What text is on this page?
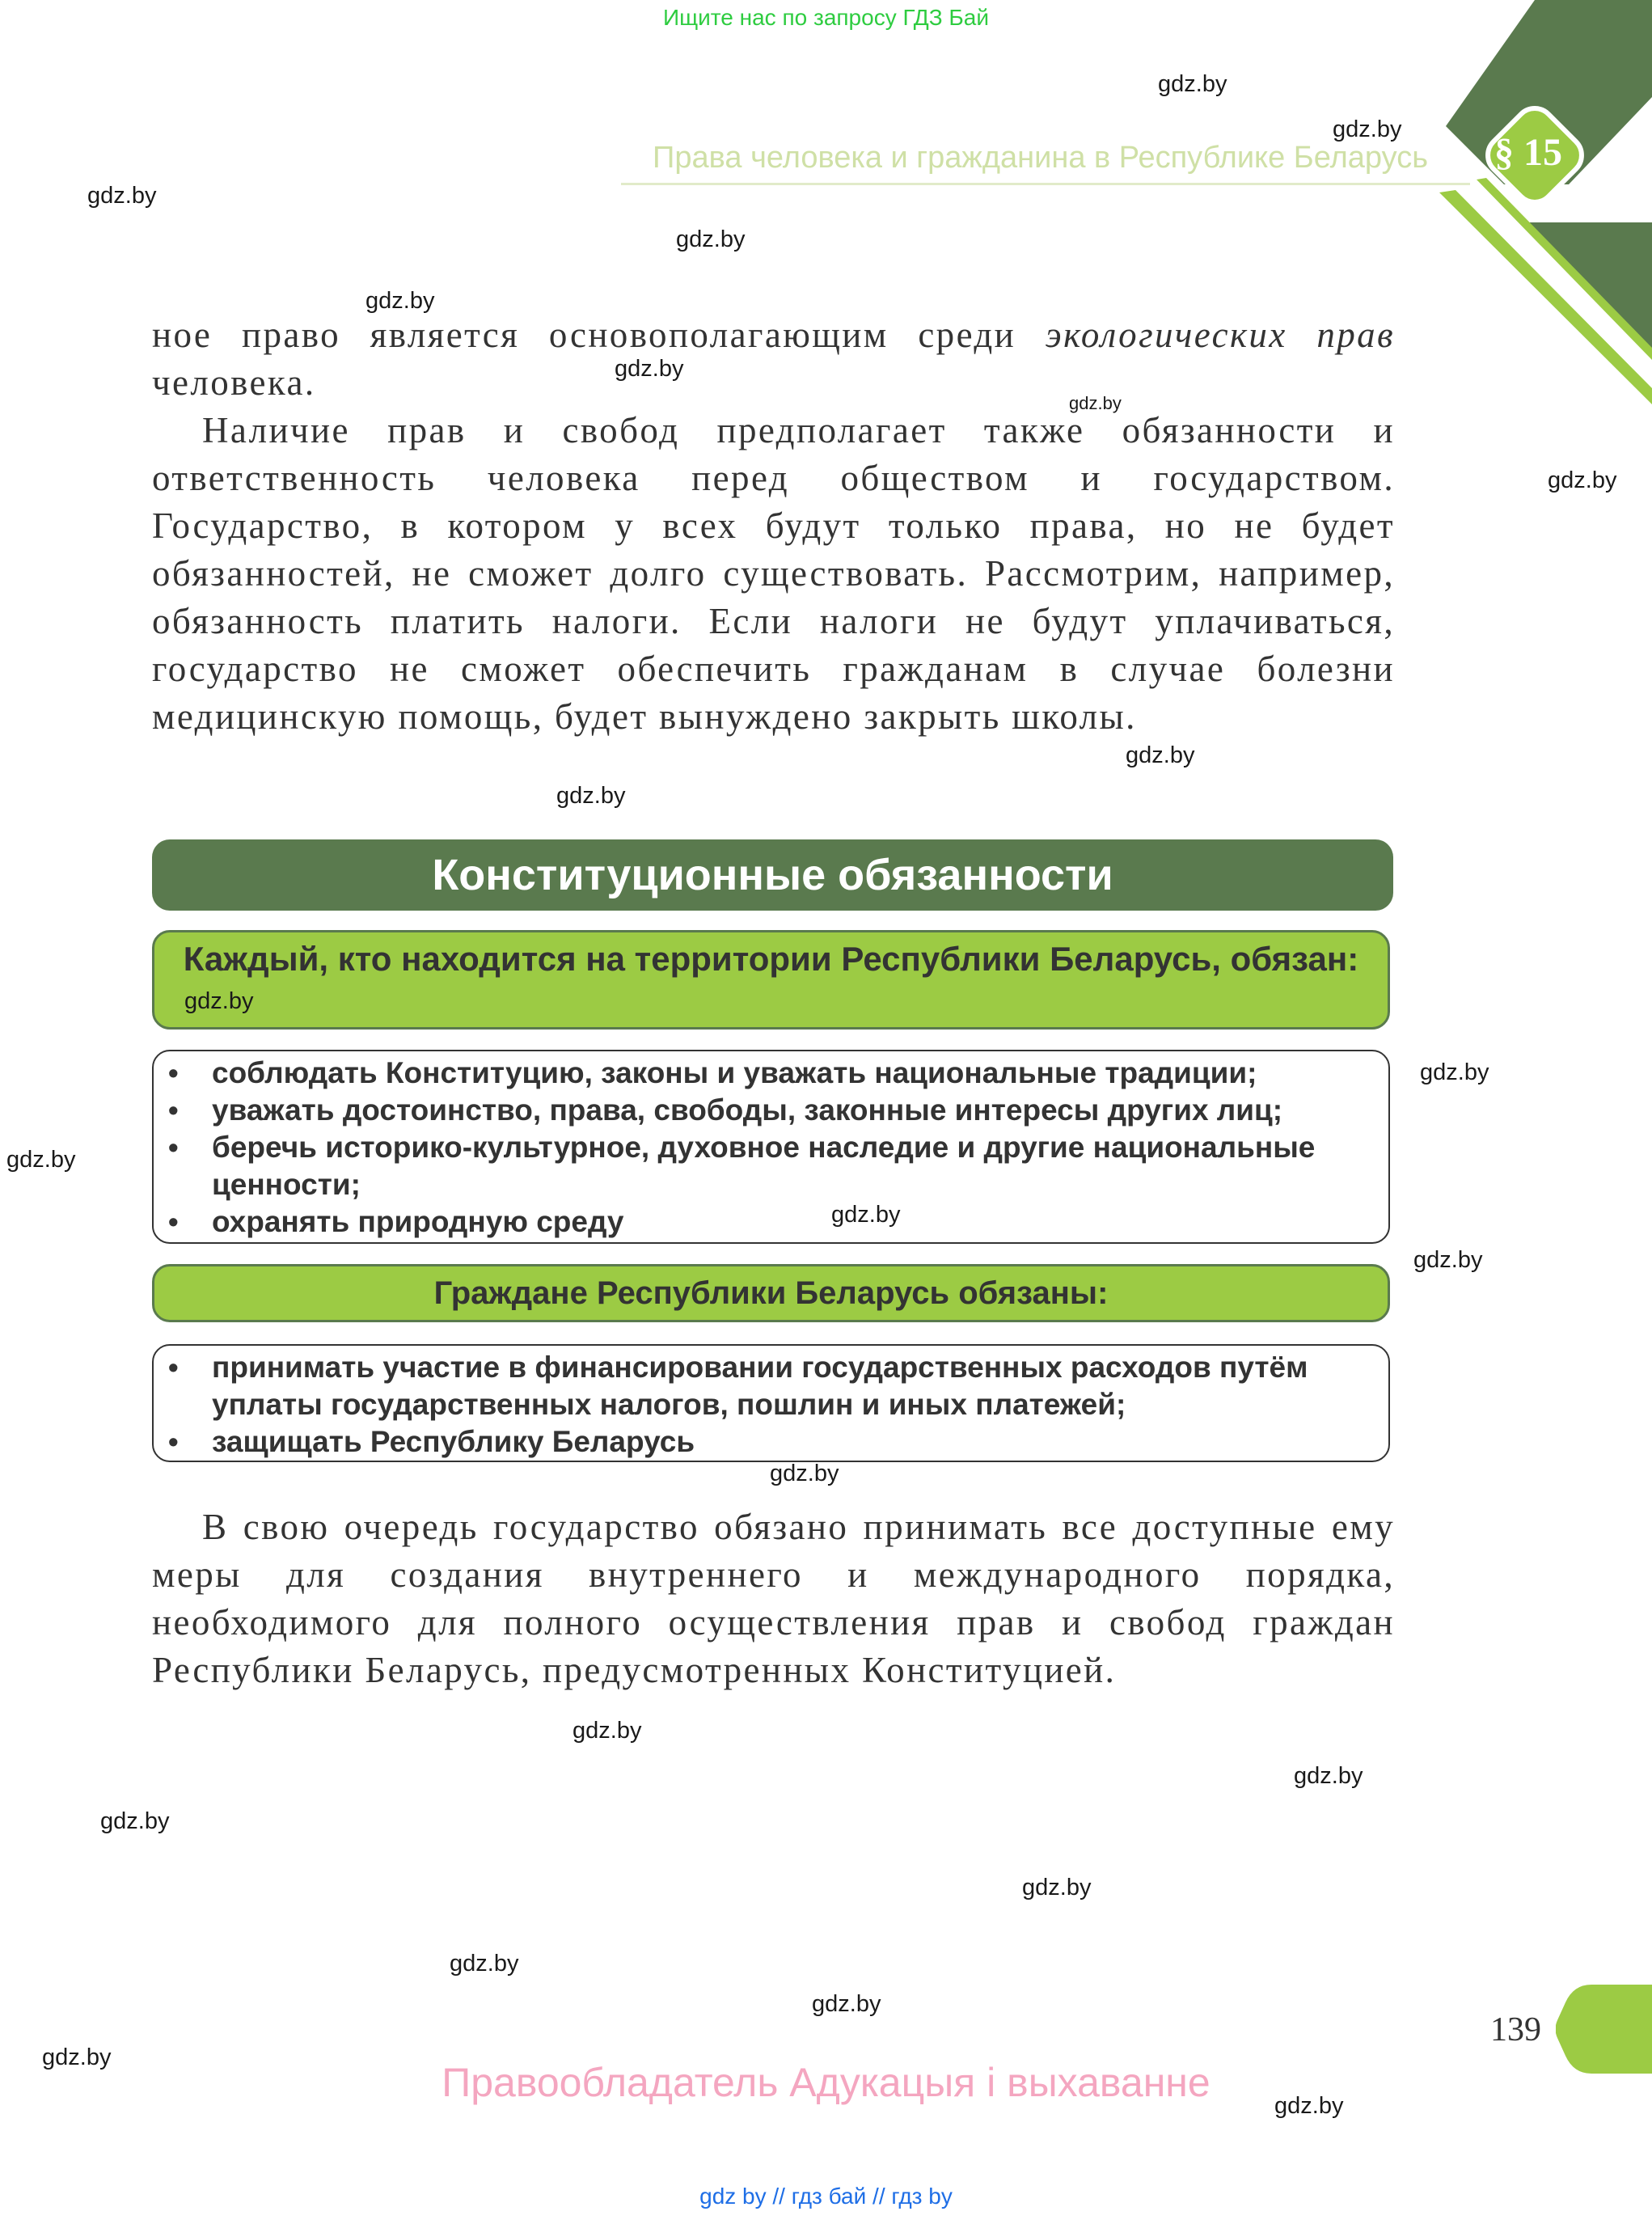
Ищите нас по запросу ГДЗ Бай
§ 15
Права человека и гражданина в Республике Беларусь

ное право является основополагающим среди экологических прав человека.

Наличие прав и свобод предполагает также обязанности и ответственность человека перед обществом и государством. Государство, в котором у всех будут только права, но не будет обязанностей, не сможет долго существовать. Рассмотрим, например, обязанность платить налоги. Если налоги не будут уплачиваться, государство не сможет обеспечить гражданам в случае болезни медицинскую помощь, будет вынуждено закрыть школы.

Конституционные обязанности
Каждый, кто находится на территории Республики Беларусь, обязан:
• соблюдать Конституцию, законы и уважать национальные традиции;
• уважать достоинство, права, свободы, законные интересы других лиц;
• беречь историко-культурное, духовное наследие и другие национальные ценности;
• охранять природную среду
Граждане Республики Беларусь обязаны:
• принимать участие в финансировании государственных расходов путём уплаты государственных налогов, пошлин и иных платежей;
• защищать Республику Беларусь

В свою очередь государство обязано принимать все доступные ему меры для создания внутреннего и международного порядка, необходимого для полного осуществления прав и свобод граждан Республики Беларусь, предусмотренных Конституцией.

139
Правообладатель Адукацыя і выхаванне
gdz by // гдз бай // гдз by
gdz.by
gdz.by
gdz.by
gdz.by
gdz.by
gdz.by
gdz.by
gdz.by
gdz.by
gdz.by
gdz.by
gdz.by
gdz.by
gdz.by
gdz.by
gdz.by
gdz.by
gdz.by
gdz.by
gdz.by
gdz.by
gdz.by
gdz.by
gdz.by
